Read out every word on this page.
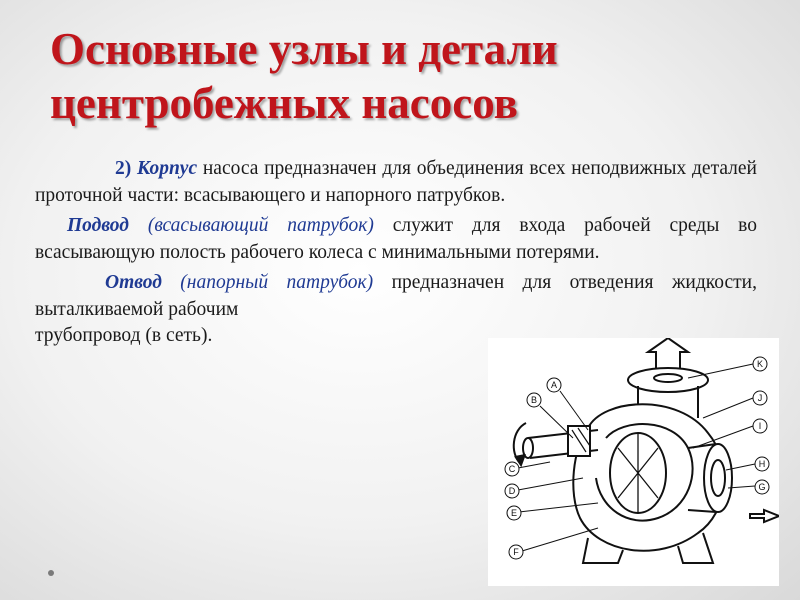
Основные узлы и детали центробежных насосов

2) Корпус насоса предназначен для объединения всех неподвижных деталей проточной части: всасывающего и напорного патрубков.

Подвод (всасывающий патрубок) служит для входа рабочей среды во всасывающую полость рабочего колеса с минимальными потерями.

Отвод (напорный патрубок) предназначен для отведения жидкости, выталкиваемой рабочим
трубопровод (в сеть).

A
B
C
D
E
F
G
H
I
J
K
